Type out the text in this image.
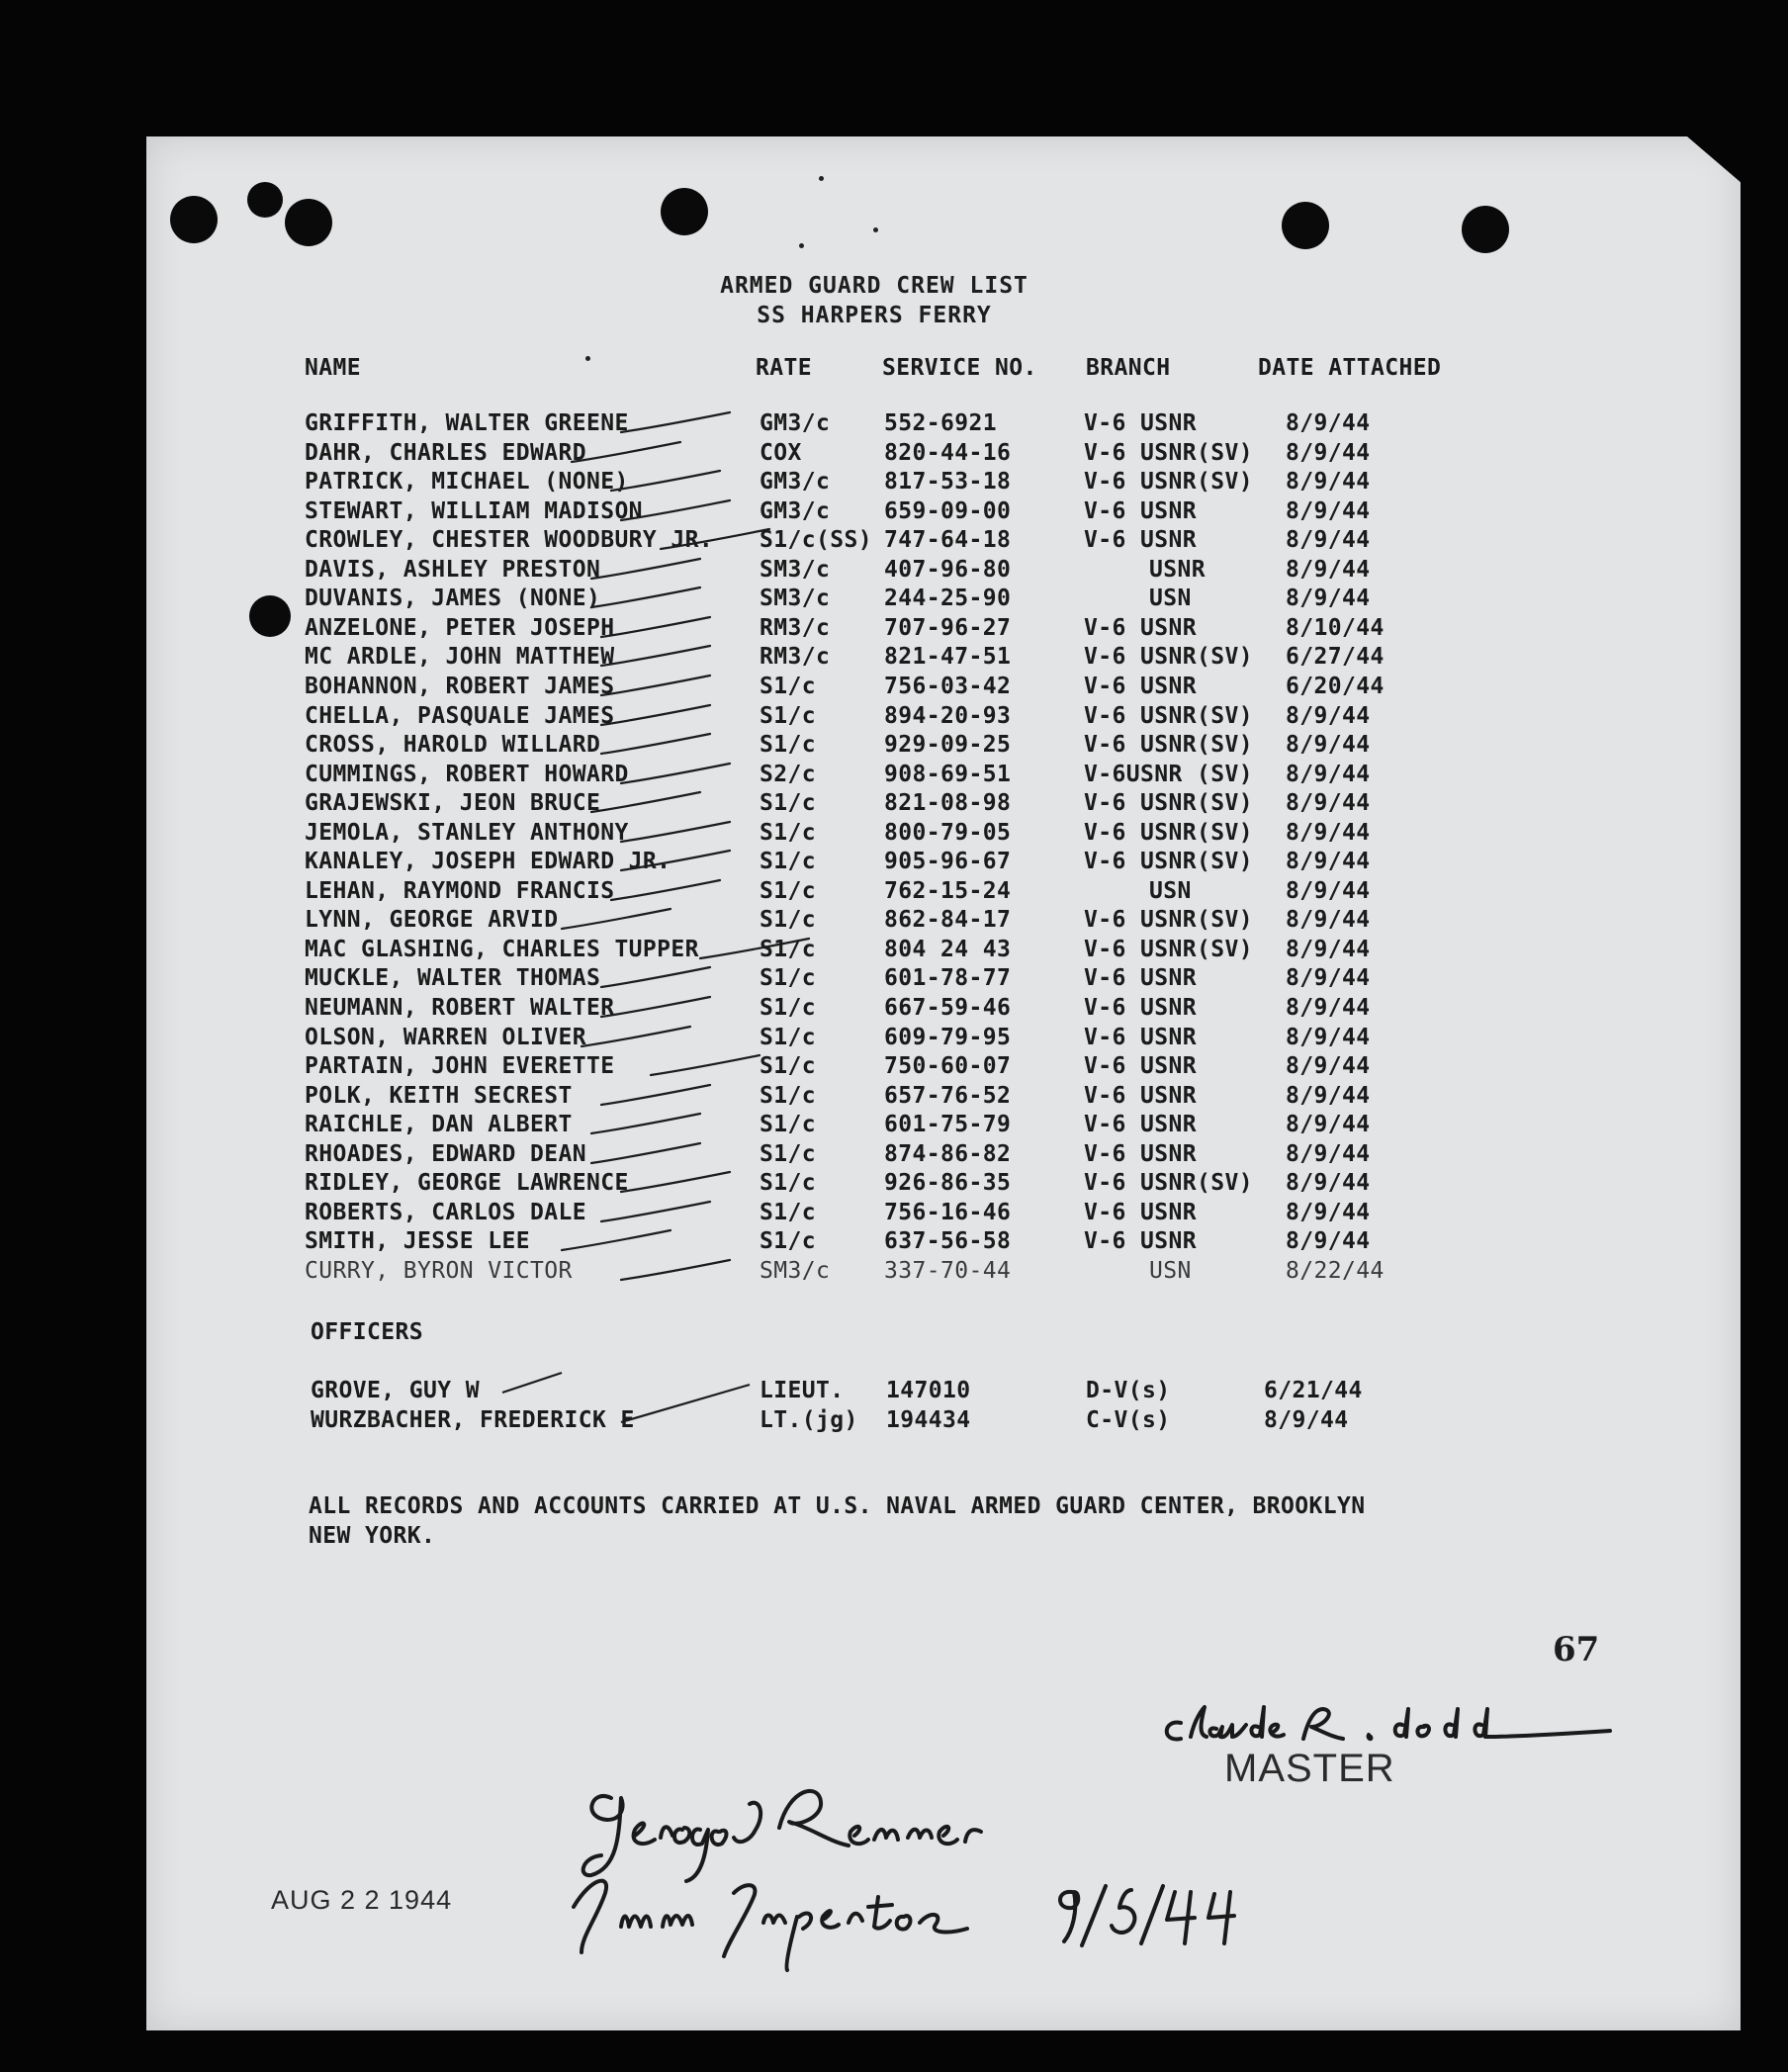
ARMED GUARD CREW LIST
SS HARPERS FERRY
NAME	RATE	SERVICE NO. BRANCH	DATE ATTACHED
GRIFFITH, WALTER GREENE	GM3/c 552-6921	V-6 USNR	8/9/44
DAHR, CHARLES EDWARD	COX	820-44-16	V-6 USNR(SV) 8/9/44
PATRICK, MICHAEL (NONE)	GM3/c 817-53-18	V-6 USNR(SV) 8/9/44
STEWART, WILLIAM MADISON	GM3/c 659-09-00	V-6 USNR	8/9/44
CROWLEY, CHESTER WOODBURY JR. S1/c(SS) 747-64-18	V-6 USNR	8/9/44
DAVIS, ASHLEY PRESTON	SM3/c 407-96-80	USNR	8/9/44
DUVANIS, JAMES (NONE)	SM3/c 244-25-90	USN	8/9/44
ANZELONE, PETER JOSEPH	RM3/c 707-96-27	V-6 USNR	8/10/44
MC ARDLE, JOHN MATTHEW	RM3/c 821-47-51	V-6 USNR(SV) 6/27/44
BOHANNON, ROBERT JAMES	S1/c	756-03-42	V-6 USNR	6/20/44
CHELLA, PASQUALE JAMES	S1/c	894-20-93	V-6 USNR(SV) 8/9/44
CROSS, HAROLD WILLARD	S1/c	929-09-25	V-6 USNR(SV) 8/9/44
CUMMINGS, ROBERT HOWARD	S2/c	908-69-51	V-6USNR (SV) 8/9/44
GRAJEWSKI, JEON BRUCE	S1/c	821-08-98	V-6 USNR(SV) 8/9/44
JEMOLA, STANLEY ANTHONY	S1/c	800-79-05	V-6 USNR(SV) 8/9/44
KANALEY, JOSEPH EDWARD JR.	S1/c	905-96-67	V-6 USNR(SV) 8/9/44
LEHAN, RAYMOND FRANCIS	S1/c	762-15-24	USN	8/9/44
LYNN, GEORGE ARVID	S1/c	862-84-17	V-6 USNR(SV) 8/9/44
MAC GLASHING, CHARLES TUPPER	S1/c	804 24 43	V-6 USNR(SV) 8/9/44
MUCKLE, WALTER THOMAS	S1/c	601-78-77	V-6 USNR	8/9/44
NEUMANN, ROBERT WALTER	S1/c	667-59-46	V-6 USNR	8/9/44
OLSON, WARREN OLIVER	S1/c	609-79-95	V-6 USNR	8/9/44
PARTAIN, JOHN EVERETTE	S1/c	750-60-07	V-6 USNR	8/9/44
POLK, KEITH SECREST	S1/c	657-76-52	V-6 USNR	8/9/44
RAICHLE, DAN ALBERT	S1/c	601-75-79	V-6 USNR	8/9/44
RHOADES, EDWARD DEAN	S1/c	874-86-82	V-6 USNR	8/9/44
RIDLEY, GEORGE LAWRENCE	S1/c	926-86-35	V-6 USNR(SV) 8/9/44
ROBERTS, CARLOS DALE	S1/c	756-16-46	V-6 USNR	8/9/44
SMITH, JESSE LEE	S1/c	637-56-58	V-6 USNR	8/9/44
CURRY, BYRON VICTOR	SM3/c 337-70-44	USN	8/22/44
OFFICERS
GROVE, GUY W	LIEUT. 147010	D-V(s)	6/21/44
WURZBACHER, FREDERICK E	LT.(jg) 194434	C-V(s)	8/9/44
ALL RECORDS AND ACCOUNTS CARRIED AT U.S. NAVAL ARMED GUARD CENTER, BROOKLYN
NEW YORK.
67
MASTER
AUG 2 2 1944
